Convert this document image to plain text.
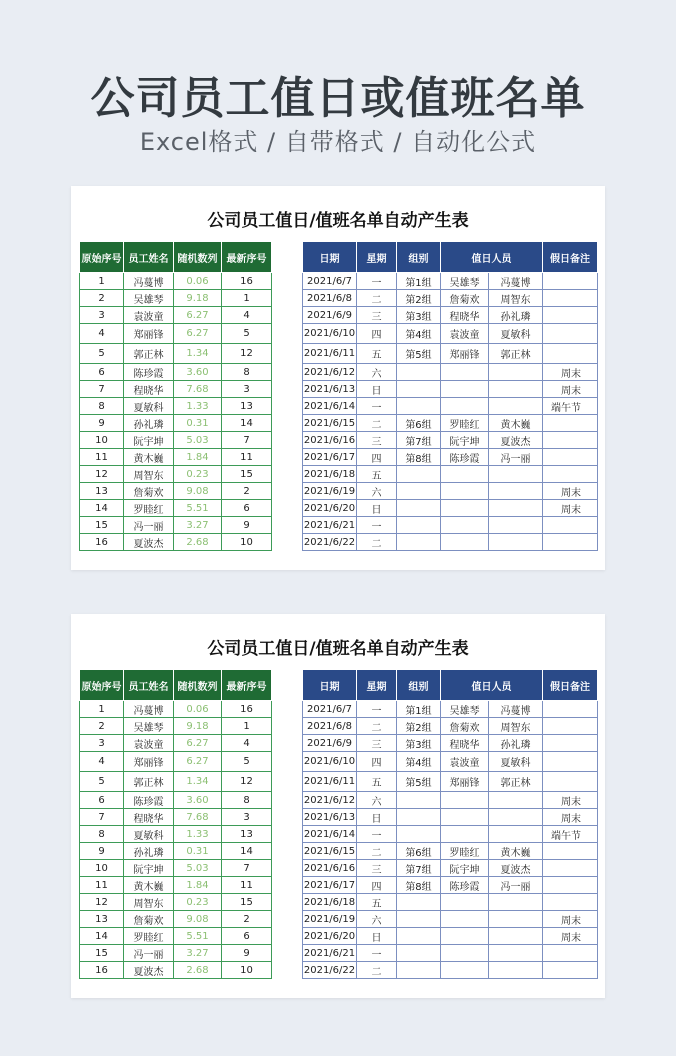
公司员工值日或值班名单
Excel格式 / 自带格式 / 自动化公式
公司员工值日/值班名单自动产生表
原始序号	员工姓名	随机数列	最新序号
1	冯蔓博	0.06	16
2	吴雄琴	9.18	1
3	袁波童	6.27	4
4	郑丽锋	6.27	5
5	郭正林	1.34	12
6	陈珍霞	3.60	8
7	程晓华	7.68	3
8	夏敏科	1.33	13
9	孙礼璘	0.31	14
10	阮宇坤	5.03	7
11	黄木巍	1.84	11
12	周智东	0.23	15
13	詹菊欢	9.08	2
14	罗睦红	5.51	6
15	冯一丽	3.27	9
16	夏波杰	2.68	10
日期	星期	组别	值日人员		假日备注
2021/6/7	一	第1组	吴雄琴	冯蔓博	
2021/6/8	二	第2组	詹菊欢	周智东	
2021/6/9	三	第3组	程晓华	孙礼璘	
2021/6/10	四	第4组	袁波童	夏敏科	
2021/6/11	五	第5组	郑丽锋	郭正林	
2021/6/12	六				周末
2021/6/13	日				周末
2021/6/14	一				端午节
2021/6/15	二	第6组	罗睦红	黄木巍	
2021/6/16	三	第7组	阮宇坤	夏波杰	
2021/6/17	四	第8组	陈珍霞	冯一丽	
2021/6/18	五				
2021/6/19	六				周末
2021/6/20	日				周末
2021/6/21	一				
2021/6/22	二				
公司员工值日/值班名单自动产生表
原始序号	员工姓名	随机数列	最新序号
1	冯蔓博	0.06	16
2	吴雄琴	9.18	1
3	袁波童	6.27	4
4	郑丽锋	6.27	5
5	郭正林	1.34	12
6	陈珍霞	3.60	8
7	程晓华	7.68	3
8	夏敏科	1.33	13
9	孙礼璘	0.31	14
10	阮宇坤	5.03	7
11	黄木巍	1.84	11
12	周智东	0.23	15
13	詹菊欢	9.08	2
14	罗睦红	5.51	6
15	冯一丽	3.27	9
16	夏波杰	2.68	10
日期	星期	组别	值日人员		假日备注
2021/6/7	一	第1组	吴雄琴	冯蔓博	
2021/6/8	二	第2组	詹菊欢	周智东	
2021/6/9	三	第3组	程晓华	孙礼璘	
2021/6/10	四	第4组	袁波童	夏敏科	
2021/6/11	五	第5组	郑丽锋	郭正林	
2021/6/12	六				周末
2021/6/13	日				周末
2021/6/14	一				端午节
2021/6/15	二	第6组	罗睦红	黄木巍	
2021/6/16	三	第7组	阮宇坤	夏波杰	
2021/6/17	四	第8组	陈珍霞	冯一丽	
2021/6/18	五				
2021/6/19	六				周末
2021/6/20	日				周末
2021/6/21	一				
2021/6/22	二				
